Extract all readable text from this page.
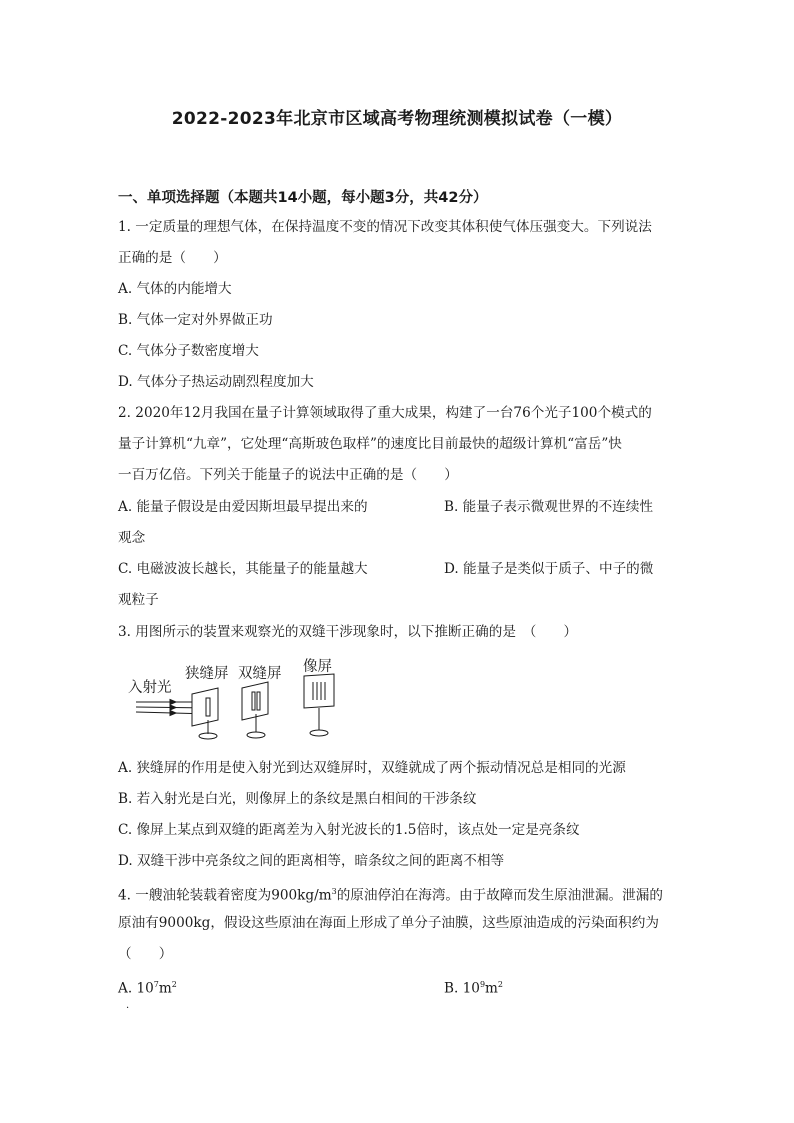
2022-2023年北京市区域高考物理统测模拟试卷（一模）
一、单项选择题（本题共14小题，每小题3分，共42分）
1. 一定质量的理想气体，在保持温度不变的情况下改变其体积使气体压强变大。下列说法
正确的是（　　）
A. 气体的内能增大
B. 气体一定对外界做正功
C. 气体分子数密度增大
D. 气体分子热运动剧烈程度加大
2. 2020年12月我国在量子计算领域取得了重大成果，构建了一台76个光子100个模式的
量子计算机“九章”，它处理“高斯玻色取样”的速度比目前最快的超级计算机“富岳”快
一百万亿倍。下列关于能量子的说法中正确的是（　　）
A. 能量子假设是由爱因斯坦最早提出来的	B. 能量子表示微观世界的不连续性
观念
C. 电磁波波长越长，其能量子的能量越大	D. 能量子是类似于质子、中子的微
观粒子
3. 用图所示的装置来观察光的双缝干涉现象时，以下推断正确的是　（　　）
入射光
狭缝屏 双缝屏 像屏
A. 狭缝屏的作用是使入射光到达双缝屏时，双缝就成了两个振动情况总是相同的光源
B. 若入射光是白光，则像屏上的条纹是黑白相间的干涉条纹
C. 像屏上某点到双缝的距离差为入射光波长的1.5倍时，该点处一定是亮条纹
D. 双缝干涉中亮条纹之间的距离相等，暗条纹之间的距离不相等
4. 一艘油轮装载着密度为$900kg/m^3$的原油停泊在海湾。由于故障而发生原油泄漏。泄漏的
原油有9000kg，假设这些原油在海面上形成了单分子油膜，这些原油造成的污染面积约为
（　　）
A. $10^7m^2$	B. $10^9m^2$
·
